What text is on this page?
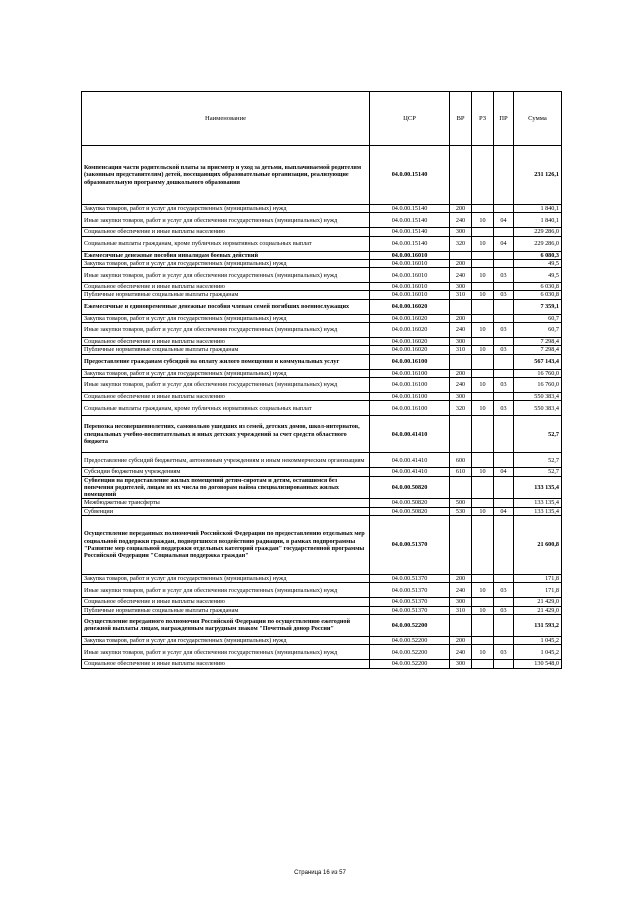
Наименование	ЦСР	ВР	РЗ	ПР	Сумма
Компенсация части родительской платы за присмотр и уход за детьми, выплачиваемой родителям (законным представителям) детей, посещающих образовательные организации, реализующие образовательную программу дошкольного образования	04.0.00.15140				231 126,1
Закупка товаров, работ и услуг для государственных (муниципальных) нужд	04.0.00.15140	200			1 840,1
Иные закупки товаров, работ и услуг для обеспечения государственных (муниципальных) нужд	04.0.00.15140	240	10	04	1 840,1
Социальное обеспечение и иные выплаты населению	04.0.00.15140	300			229 286,0
Социальные выплаты гражданам, кроме публичных нормативных социальных выплат	04.0.00.15140	320	10	04	229 286,0
Ежемесячные денежные пособия инвалидам боевых действий	04.0.00.16010				6 080,3
Закупка товаров, работ и услуг для государственных (муниципальных) нужд	04.0.00.16010	200			49,5
Иные закупки товаров, работ и услуг для обеспечения государственных (муниципальных) нужд	04.0.00.16010	240	10	03	49,5
Социальное обеспечение и иные выплаты населению	04.0.00.16010	300			6 030,8
Публичные нормативные социальные выплаты гражданам	04.0.00.16010	310	10	03	6 030,8
Ежемесячные и единовременные денежные пособия членам семей погибших военнослужащих	04.0.00.16020				7 359,1
Закупка товаров, работ и услуг для государственных (муниципальных) нужд	04.0.00.16020	200			60,7
Иные закупки товаров, работ и услуг для обеспечения государственных (муниципальных) нужд	04.0.00.16020	240	10	03	60,7
Социальное обеспечение и иные выплаты населению	04.0.00.16020	300			7 298,4
Публичные нормативные социальные выплаты гражданам	04.0.00.16020	310	10	03	7 298,4
Предоставление гражданам субсидий на оплату жилого помещения и коммунальных услуг	04.0.00.16100				567 143,4
Закупка товаров, работ и услуг для государственных (муниципальных) нужд	04.0.00.16100	200			16 760,0
Иные закупки товаров, работ и услуг для обеспечения государственных (муниципальных) нужд	04.0.00.16100	240	10	03	16 760,0
Социальное обеспечение и иные выплаты населению	04.0.00.16100	300			550 383,4
Социальные выплаты гражданам, кроме публичных нормативных социальных выплат	04.0.00.16100	320	10	03	550 383,4
Перевозка несовершеннолетних, самовольно ушедших из семей, детских домов, школ-интернатов, специальных учебно-воспитательных и иных детских учреждений за счет средств областного бюджета	04.0.00.41410				52,7
Предоставление субсидий бюджетным, автономным учреждениям и иным некоммерческим организациям	04.0.00.41410	600			52,7
Субсидии бюджетным учреждениям	04.0.00.41410	610	10	04	52,7
Субвенции на предоставление жилых помещений детям-сиротам и детям, оставшимся без попечения родителей, лицам из их числа по договорам найма специализированных жилых помещений	04.0.00.50820				133 135,4
Межбюджетные трансферты	04.0.00.50820	500			133 135,4
Субвенции	04.0.00.50820	530	10	04	133 135,4
Осуществление переданных полномочий Российской Федерации по предоставлению отдельных мер социальной поддержки граждан, подвергшихся воздействию радиации, в рамках подпрограммы "Развитие мер социальной поддержки отдельных категорий граждан" государственной программы Российской Федерации "Социальная поддержка граждан"	04.0.00.51370				21 600,8
Закупка товаров, работ и услуг для государственных (муниципальных) нужд	04.0.00.51370	200			171,8
Иные закупки товаров, работ и услуг для обеспечения государственных (муниципальных) нужд	04.0.00.51370	240	10	03	171,8
Социальное обеспечение и иные выплаты населению	04.0.00.51370	300			21 429,0
Публичные нормативные социальные выплаты гражданам	04.0.00.51370	310	10	03	21 429,0
Осуществление переданного полномочия Российской Федерации по осуществлению ежегодной денежной выплаты лицам, награжденным нагрудным знаком "Почетный донор России"	04.0.00.52200				131 593,2
Закупка товаров, работ и услуг для государственных (муниципальных) нужд	04.0.00.52200	200			1 045,2
Иные закупки товаров, работ и услуг для обеспечения государственных (муниципальных) нужд	04.0.00.52200	240	10	03	1 045,2
Социальное обеспечение и иные выплаты населению	04.0.00.52200	300			130 548,0
Страница 16 из 57
